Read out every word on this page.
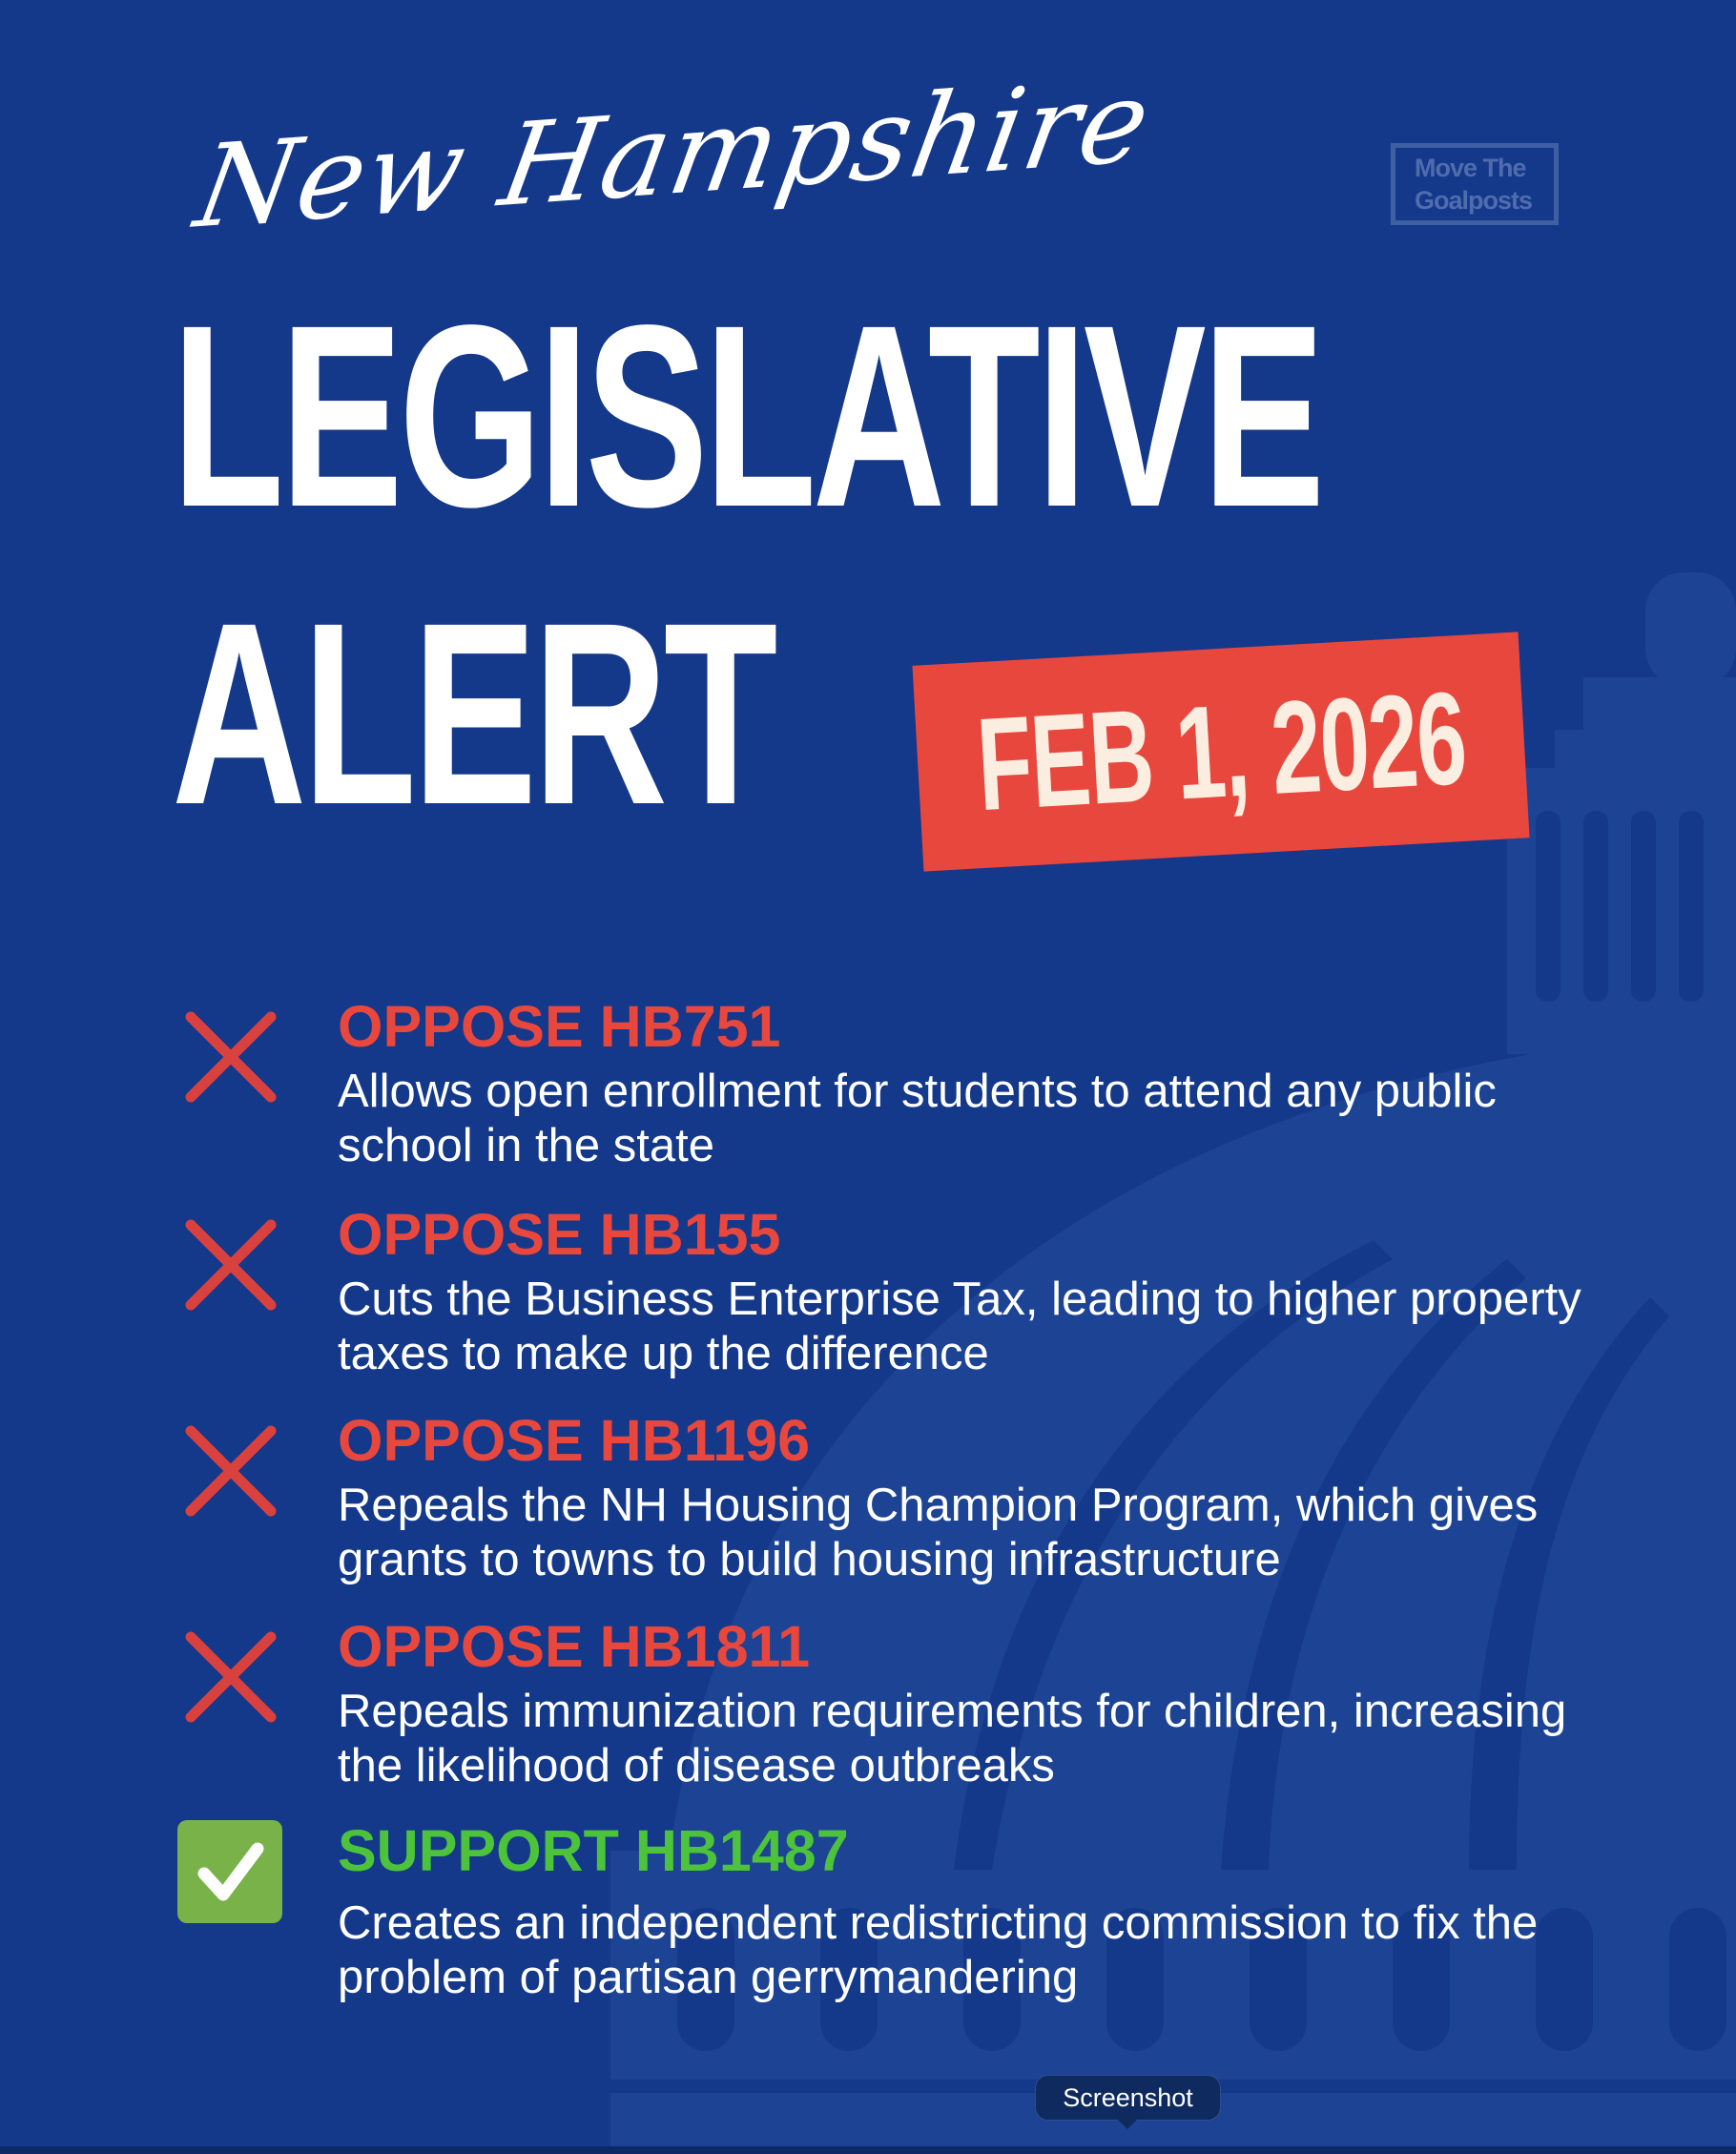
New Hampshire	Move The
Goalposts
LEGISLATIVE
ALERT FEB 1, 2026
OPPOSE HB751
Allows open enrollment for students to attend any public school in the state
OPPOSE HB155
Cuts the Business Enterprise Tax, leading to higher property taxes to make up the difference
OPPOSE HB1196
Repeals the NH Housing Champion Program, which gives grants to towns to build housing infrastructure
OPPOSE HB1811
Repeals immunization requirements for children, increasing the likelihood of disease outbreaks
SUPPORT HB1487
Creates an independent redistricting commission to fix the problem of partisan gerrymandering
Screenshot
